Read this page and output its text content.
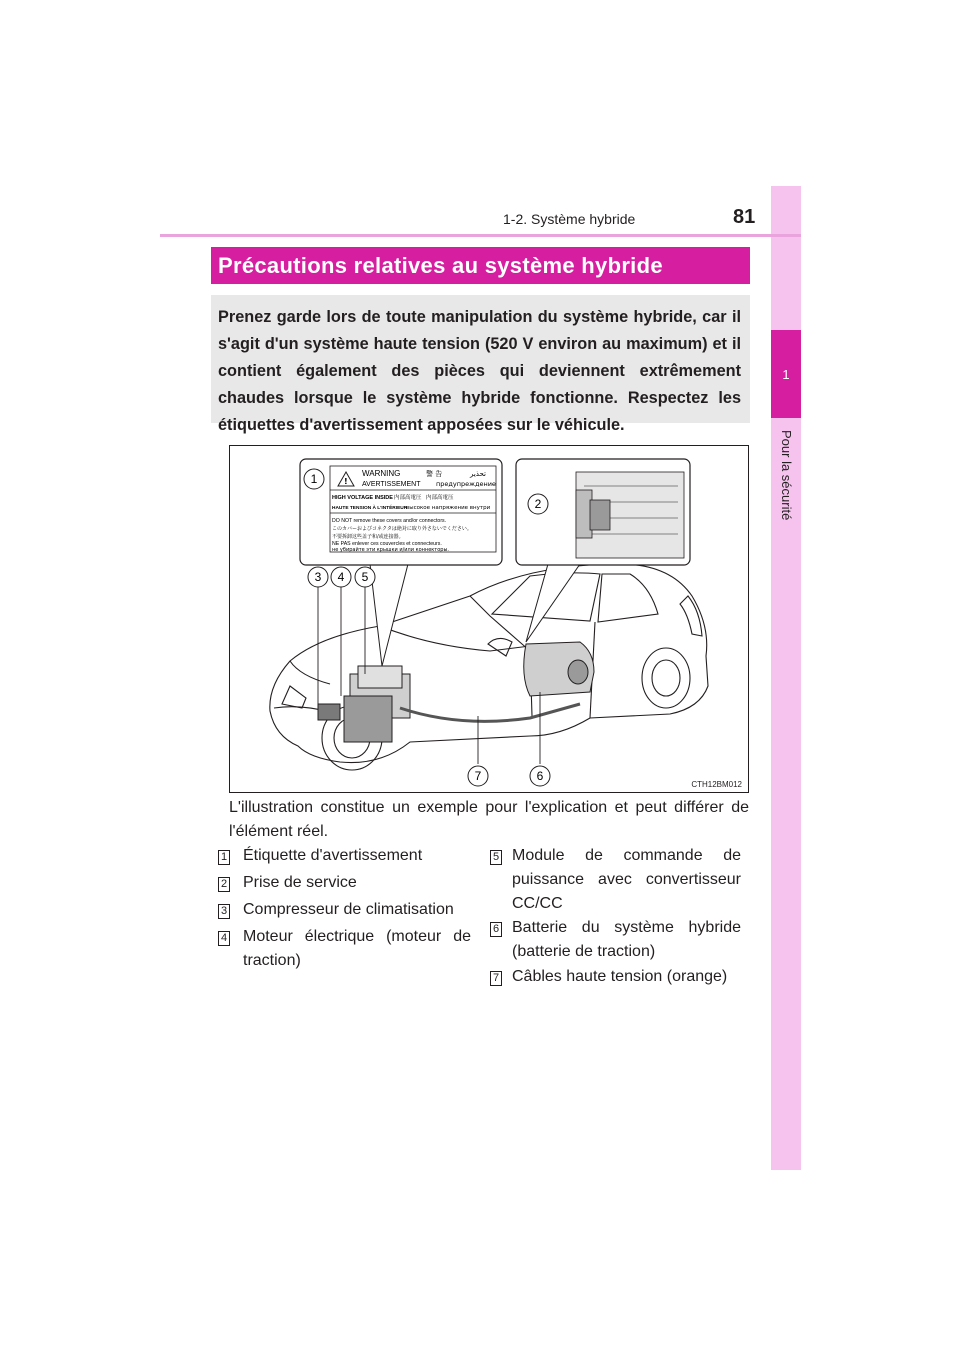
1
Pour la sécurité
1-2. Système hybride	81
Précautions relatives au système hybride

Prenez garde lors de toute manipulation du système hybride, car il s'agit d'un système haute tension (520 V environ au maximum) et il contient également des pièces qui deviennent extrêmement chaudes lorsque le système hybride fonctionne. Respectez les étiquettes d'avertissement apposées sur le véhicule.

!
WARNING	警 告	تحذير
AVERTISSEMENT предупреждение
HIGH VOLTAGE INSIDE 内部高電圧 内部高電压
HAUTE TENSION À L'INTÉRIEUR
высокое напряжение внутри
DO NOT remove these covers and/or connectors.
このカバーおよびコネクタは絶対に取り外さないでください。
不要拆卸这些盖子和/或连接器。
NE PAS enlever ces couvercles et connecteurs.
не убирайте эти крышки и/или коннекторы.
1
2
3 4 5
6
7
CTH12BM012

L'illustration constitue un exemple pour l'explication et peut différer de l'élément réel.

1 Étiquette d'avertissement
2 Prise de service
3 Compresseur de climatisation
4 Moteur électrique (moteur de traction)
5 Module de commande de puissance avec convertisseur CC/CC
6 Batterie du système hybride (batterie de traction)
7 Câbles haute tension (orange)
